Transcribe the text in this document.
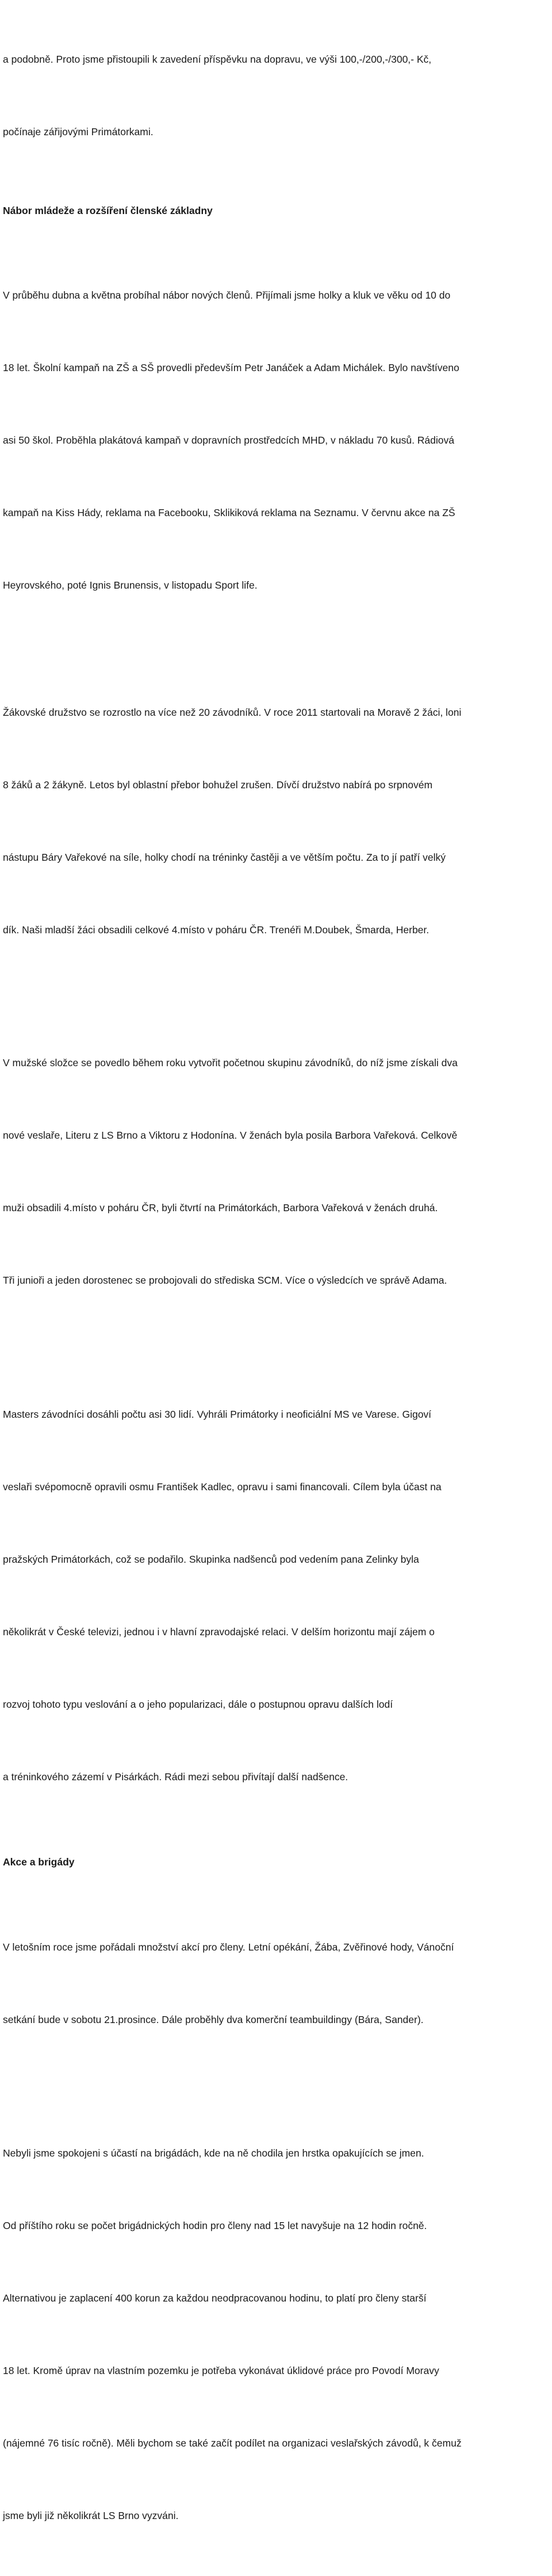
a podobně. Proto jsme přistoupili k zavedení příspěvku na dopravu, ve výši 100,-/200,-/300,- Kč,

počínaje zářijovými Primátorkami.

Nábor mládeže a rozšíření členské základny

V průběhu dubna a května probíhal nábor nových členů. Přijímali jsme holky a kluk ve věku od 10 do

18 let. Školní kampaň na ZŠ a SŠ provedli především Petr Janáček a Adam Michálek. Bylo navštíveno

asi 50 škol. Proběhla plakátová kampaň v dopravních prostředcích MHD, v nákladu 70 kusů. Rádiová

kampaň na Kiss Hády, reklama na Facebooku, Sklikiková reklama na Seznamu. V červnu akce na ZŠ

Heyrovského, poté Ignis Brunensis, v listopadu Sport life.

Žákovské družstvo se rozrostlo na více než 20 závodníků. V roce 2011 startovali na Moravě 2 žáci, loni

8 žáků a 2 žákyně. Letos byl oblastní přebor bohužel zrušen. Dívčí družstvo nabírá po srpnovém

nástupu Báry Vařekové na síle, holky chodí na tréninky častěji a ve větším počtu. Za to jí patří velký

dík. Naši mladší žáci obsadili celkové 4.místo v poháru ČR. Trenéři M.Doubek, Šmarda, Herber.

V mužské složce se povedlo během roku vytvořit početnou skupinu závodníků, do níž jsme získali dva

nové veslaře, Literu z LS Brno a Viktoru z Hodonína. V ženách byla posila Barbora Vařeková. Celkově

muži obsadili 4.místo v poháru ČR, byli čtvrtí na Primátorkách, Barbora Vařeková v ženách druhá.

Tři junioři a jeden dorostenec se probojovali do střediska SCM. Více o výsledcích ve správě Adama.

Masters závodníci dosáhli počtu asi 30 lidí. Vyhráli Primátorky i neoficiální MS ve Varese. Gigoví

veslaři svépomocně opravili osmu František Kadlec, opravu i sami financovali. Cílem byla účast na

pražských Primátorkách, což se podařilo. Skupinka nadšenců pod vedením pana Zelinky byla

několikrát v České televizi, jednou i v hlavní zpravodajské relaci. V delším horizontu mají zájem o

rozvoj tohoto typu veslování a o jeho popularizaci, dále o postupnou opravu dalších lodí

a tréninkového zázemí v Pisárkách. Rádi mezi sebou přivítají další nadšence.

Akce a brigády

V letošním roce jsme pořádali množství akcí pro členy. Letní opékání, Žába, Zvěřinové hody, Vánoční

setkání bude v sobotu 21.prosince. Dále proběhly dva komerční teambuildingy (Bára, Sander).

Nebyli jsme spokojeni s účastí na brigádách, kde na ně chodila jen hrstka opakujících se jmen.

Od příštího roku se počet brigádnických hodin pro členy nad 15 let navyšuje na 12 hodin ročně.

Alternativou je zaplacení 400 korun za každou neodpracovanou hodinu, to platí pro členy starší

18 let. Kromě úprav na vlastním pozemku je potřeba vykonávat úklidové práce pro Povodí Moravy

(nájemné 76 tisíc ročně). Měli bychom se také začít podílet na organizaci veslařských závodů, k čemuž

jsme byli již několikrát LS Brno vyzváni.
